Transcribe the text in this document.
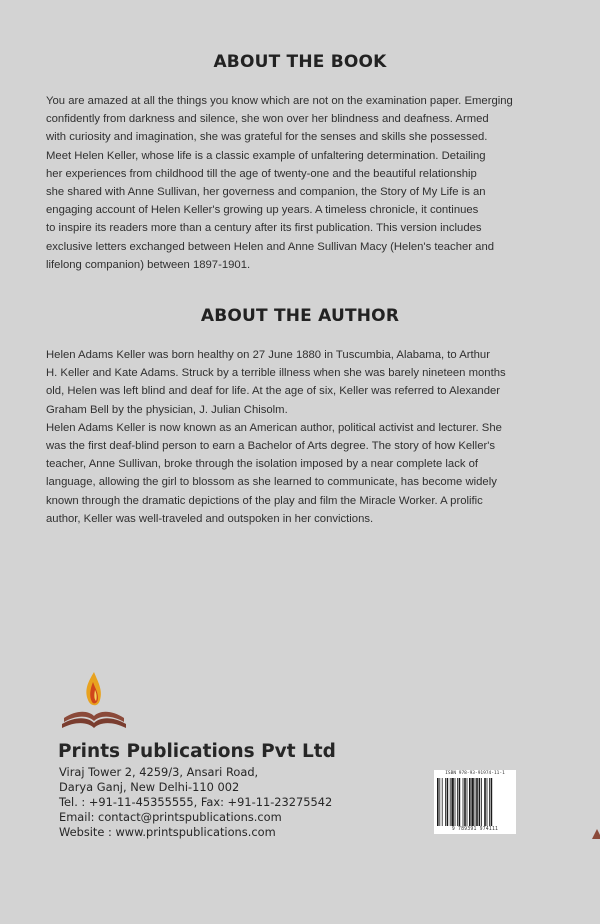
ABOUT THE BOOK

You are amazed at all the things you know which are not on the examination paper. Emerging

confidently from darkness and silence, she won over her blindness and deafness. Armed

with curiosity and imagination, she was grateful for the senses and skills she possessed.

Meet Helen Keller, whose life is a classic example of unfaltering determination. Detailing

her experiences from childhood till the age of twenty-one and the beautiful relationship

she shared with Anne Sullivan, her governess and companion, the Story of My Life is an

engaging account of Helen Keller's growing up years. A timeless chronicle, it continues

to inspire its readers more than a century after its first publication. This version includes

exclusive letters exchanged between Helen and Anne Sullivan Macy (Helen's teacher and

lifelong companion) between 1897-1901.

ABOUT THE AUTHOR

Helen Adams Keller was born healthy on 27 June 1880 in Tuscumbia, Alabama, to Arthur

H. Keller and Kate Adams. Struck by a terrible illness when she was barely nineteen months

old, Helen was left blind and deaf for life. At the age of six, Keller was referred to Alexander

Graham Bell by the physician, J. Julian Chisolm.

Helen Adams Keller is now known as an American author, political activist and lecturer. She

was the first deaf-blind person to earn a Bachelor of Arts degree. The story of how Keller's

teacher, Anne Sullivan, broke through the isolation imposed by a near complete lack of

language, allowing the girl to blossom as she learned to communicate, has become widely

known through the dramatic depictions of the play and film the Miracle Worker. A prolific

author, Keller was well-traveled and outspoken in her convictions.

Prints Publications Pvt Ltd
Viraj Tower 2, 4259/3, Ansari Road,
Darya Ganj, New Delhi-110 002
Tel. : +91-11-45355555, Fax: +91-11-23275542
Email: contact@printspublications.com
Website : www.printspublications.com
ISBN 978-93-91974-11-1
9 789391 974111
